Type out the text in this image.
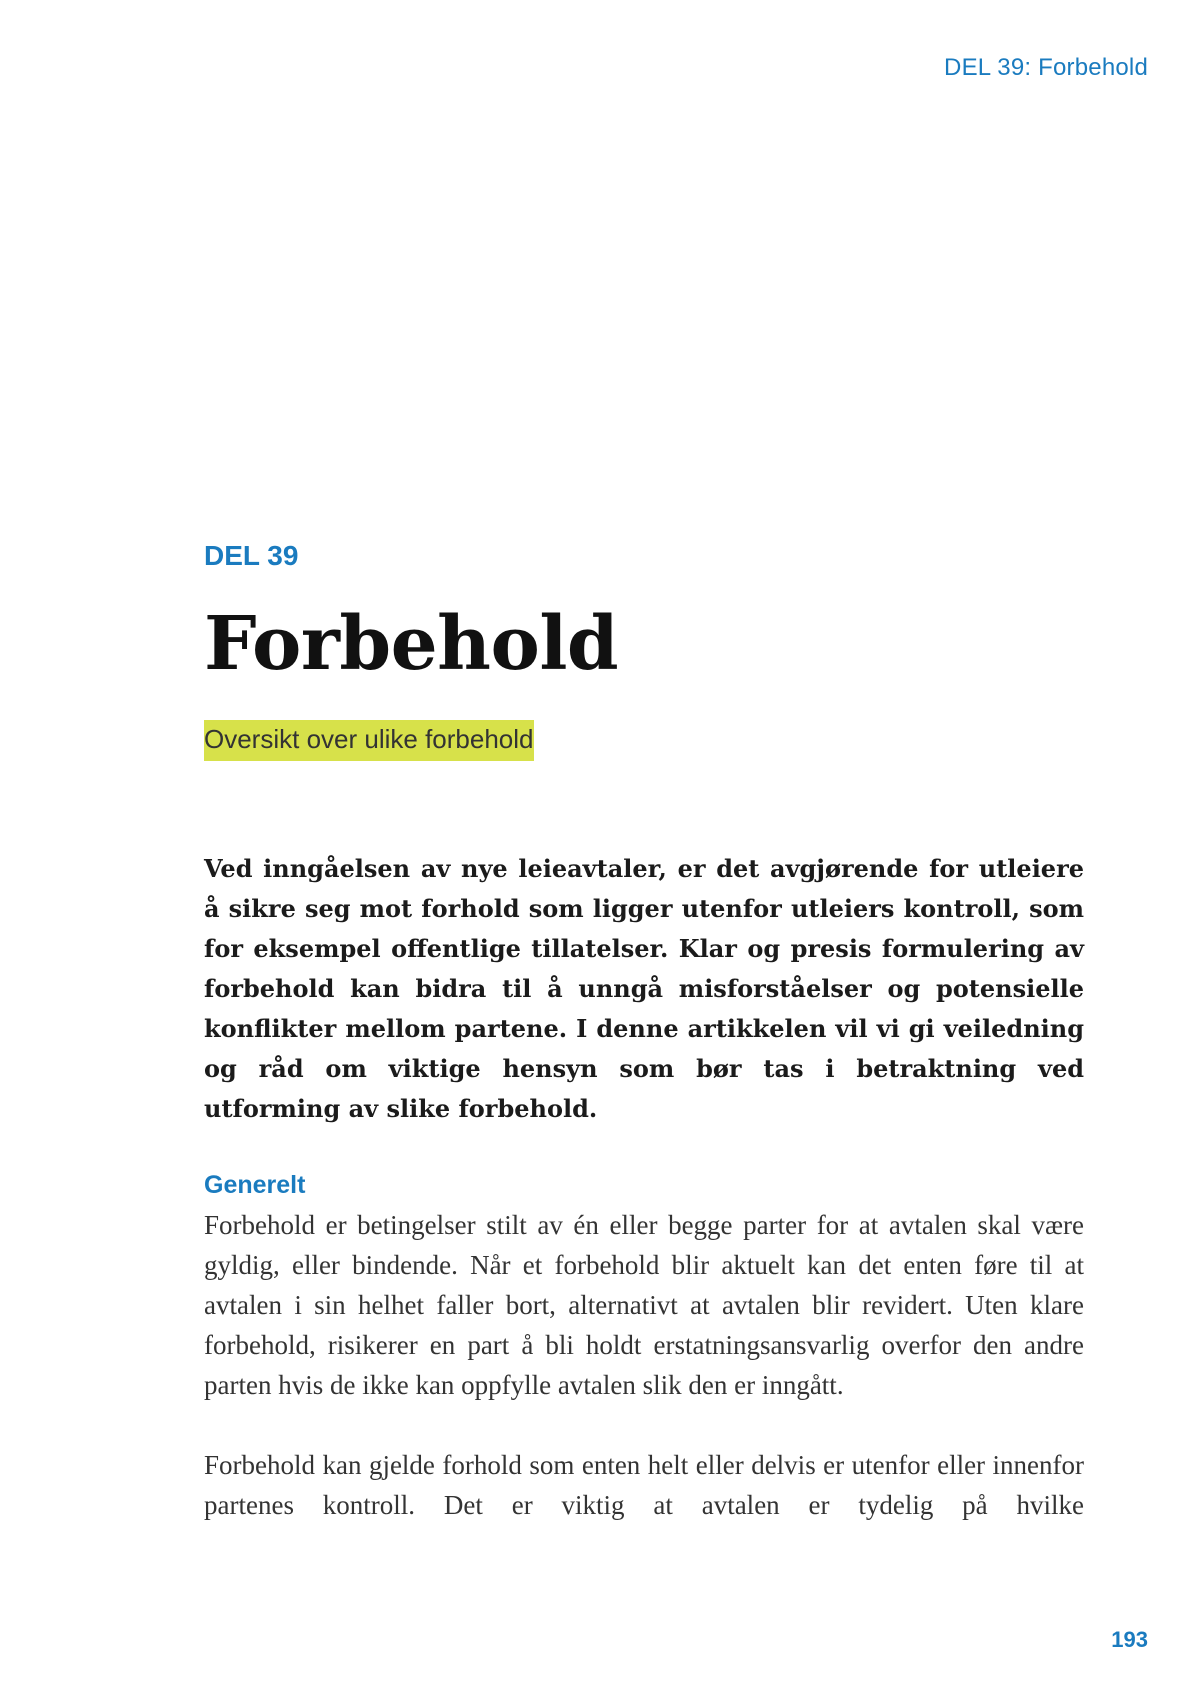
DEL 39: Forbehold
DEL 39
Forbehold
Oversikt over ulike forbehold

Ved inngåelsen av nye leieavtaler, er det avgjørende for utleiere å sikre seg mot forhold som ligger utenfor utleiers kontroll, som for eksempel offentlige tillatelser. Klar og presis formulering av forbehold kan bidra til å unngå misforståelser og potensielle konflikter mellom partene. I denne artikkelen vil vi gi veiledning og råd om viktige hensyn som bør tas i betraktning ved utforming av slike forbehold.

Generelt

Forbehold er betingelser stilt av én eller begge parter for at avtalen skal være gyldig, eller bindende. Når et forbehold blir aktuelt kan det enten føre til at avtalen i sin helhet faller bort, alternativt at avtalen blir revidert. Uten klare forbehold, risikerer en part å bli holdt erstatningsansvarlig overfor den andre parten hvis de ikke kan oppfylle avtalen slik den er inngått.

Forbehold kan gjelde forhold som enten helt eller delvis er utenfor eller innenfor partenes kontroll. Det er viktig at avtalen er tydelig på hvilke

193
